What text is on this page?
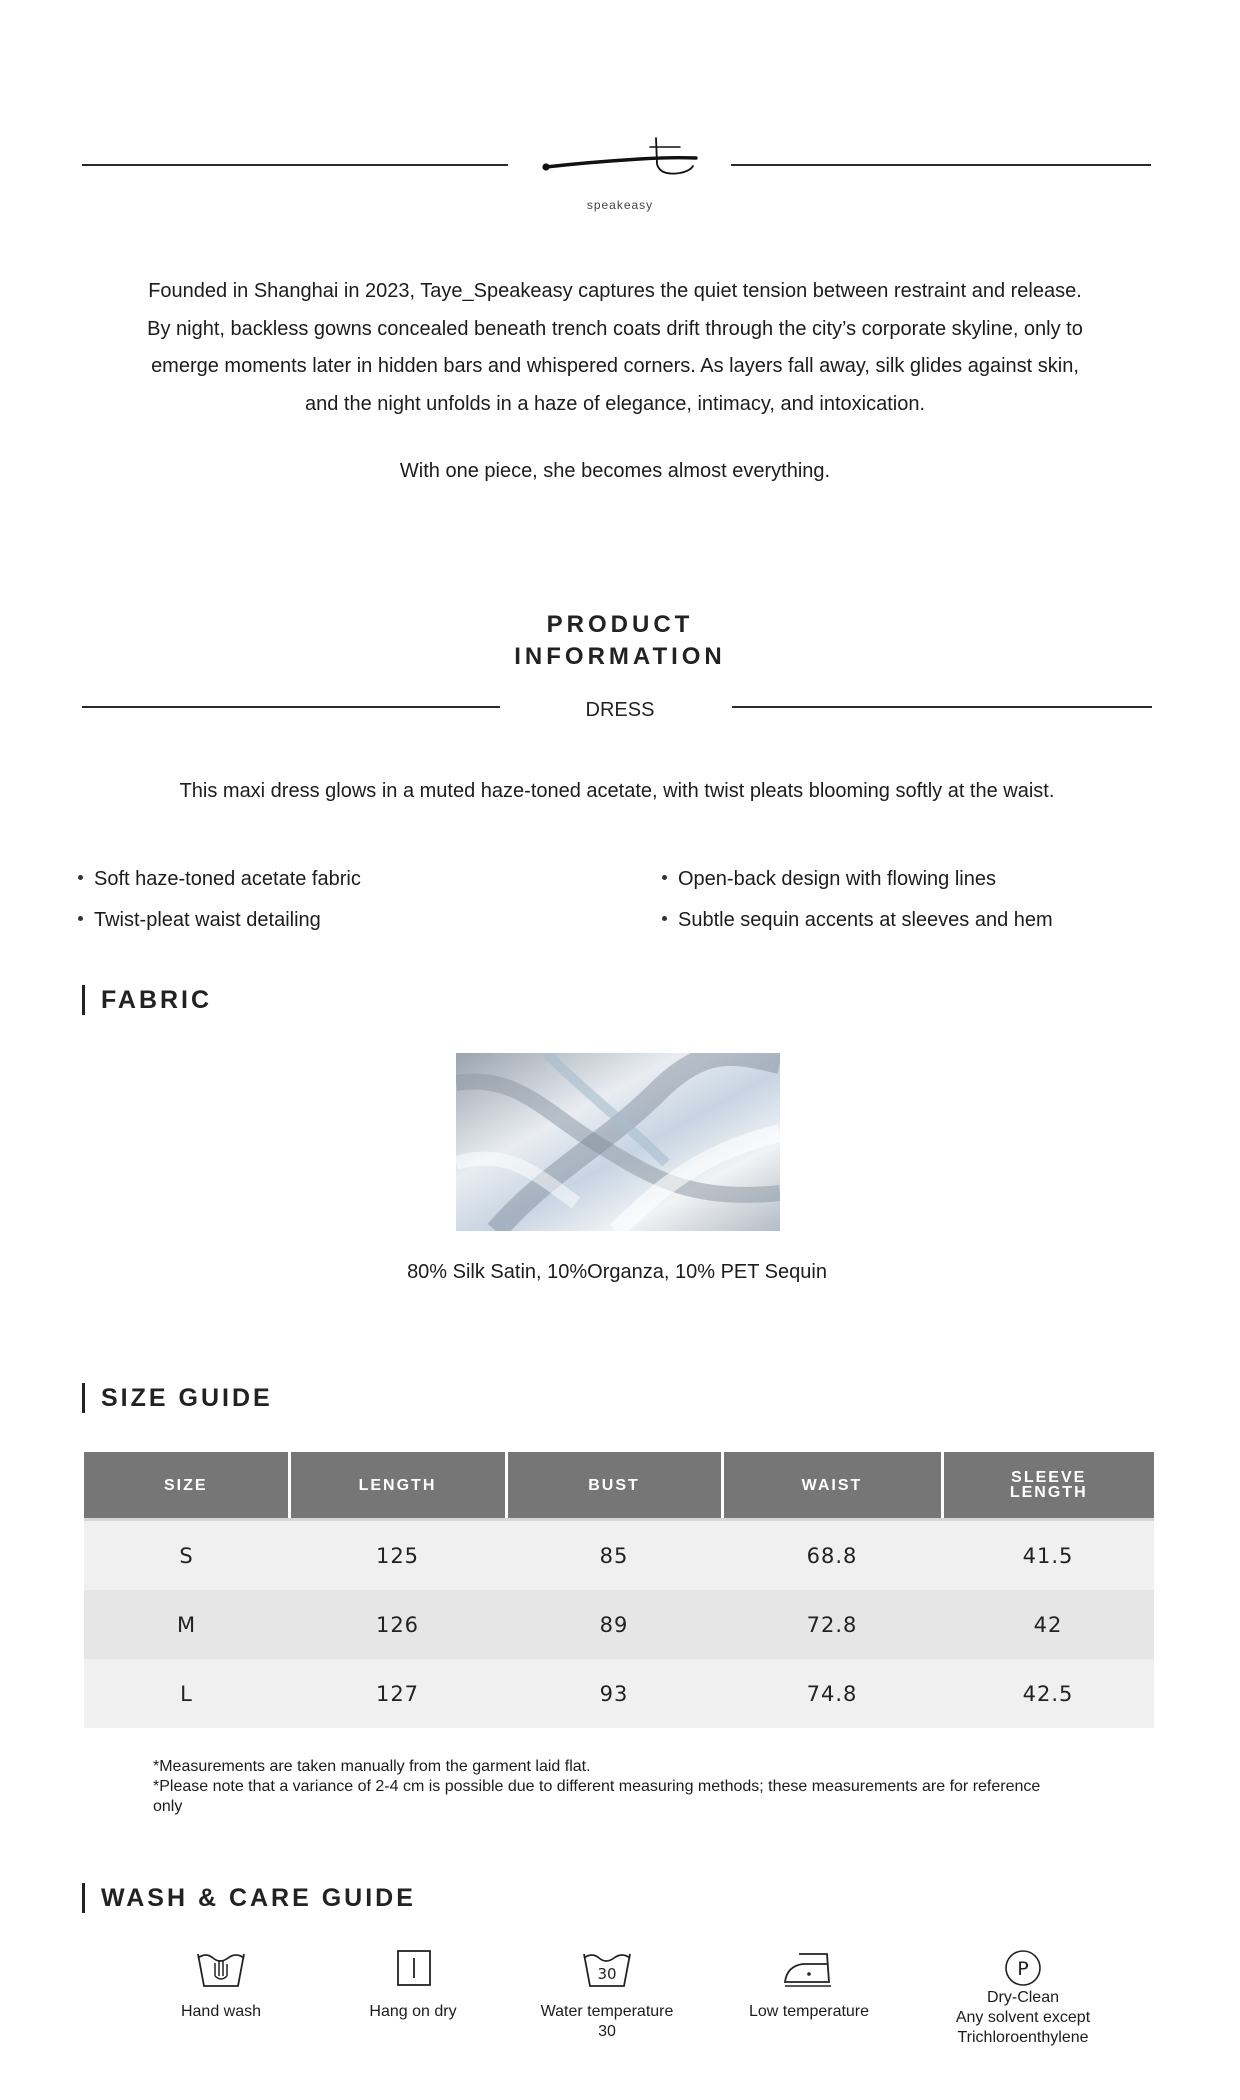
speakeasy

Founded in Shanghai in 2023, Taye_Speakeasy captures the quiet tension between restraint and release.

By night, backless gowns concealed beneath trench coats drift through the city’s corporate skyline, only to

emerge moments later in hidden bars and whispered corners. As layers fall away, silk glides against skin,

and the night unfolds in a haze of elegance, intimacy, and intoxication.

With one piece, she becomes almost everything.
PRODUCT
INFORMATION
DRESS
This maxi dress glows in a muted haze-toned acetate, with twist pleats blooming softly at the waist.
Soft haze-toned acetate fabric	Open-back design with flowing lines
Twist-pleat waist detailing	Subtle sequin accents at sleeves and hem
FABRIC
80% Silk Satin, 10%Organza, 10% PET Sequin
SIZE GUIDE
SIZE	LENGTH	BUST	WAIST	SLEEVE
LENGTH

S	125	85	68.8	41.5
M	126	89	72.8	42
L	127	93	74.8	42.5

*Measurements are taken manually from the garment laid flat.

*Please note that a variance of 2-4 cm is possible due to different measuring methods; these measurements are for reference only

WASH & CARE GUIDE
Hand wash	Hang on dry
30
Water temperature
30
Low temperature
P
Dry-Clean
Any solvent except
Trichloroenthylene
